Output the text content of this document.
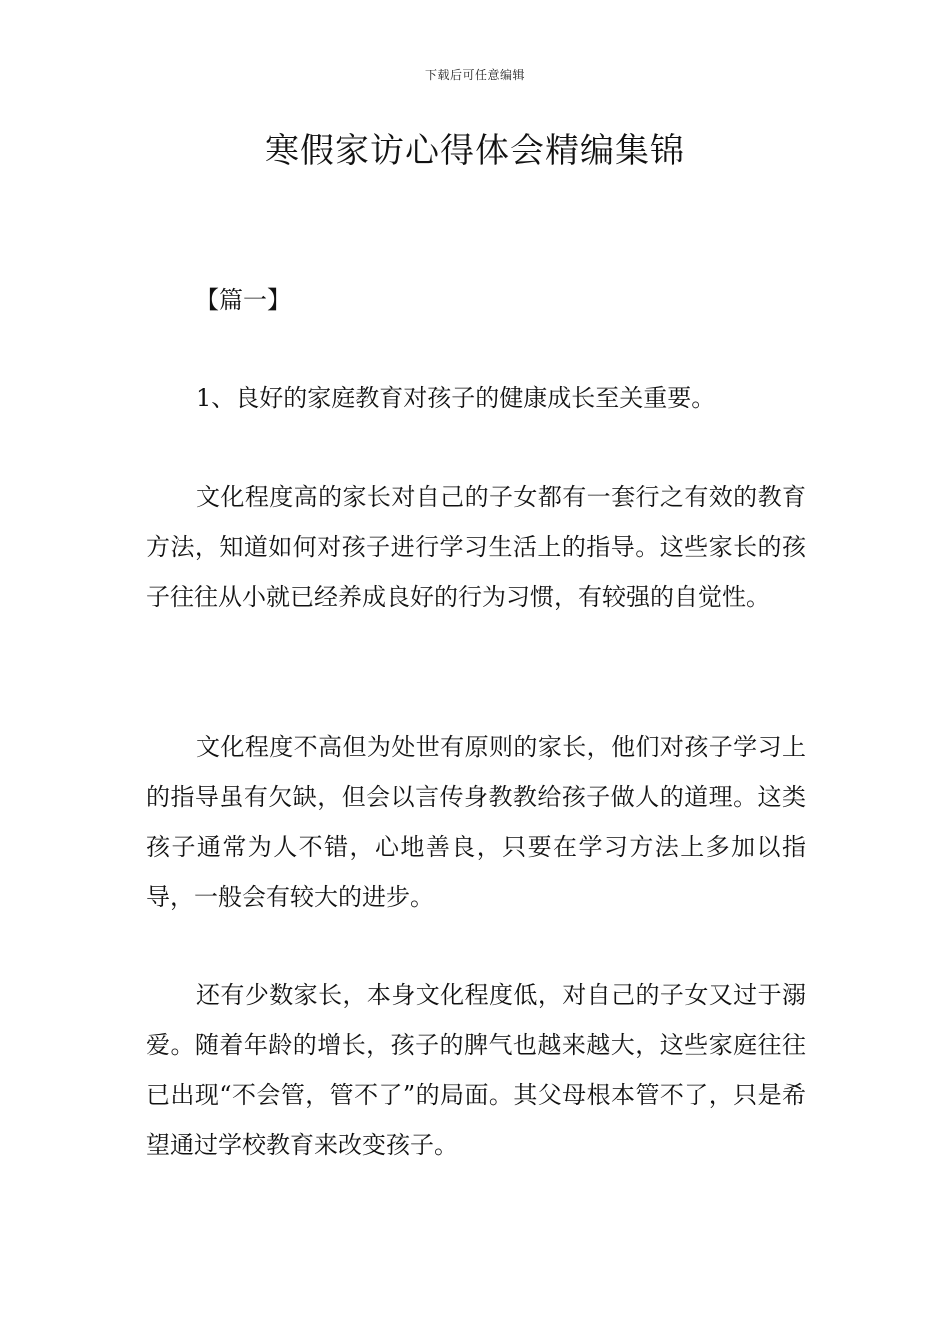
下载后可任意编辑
寒假家访心得体会精编集锦
【篇一】
1、良好的家庭教育对孩子的健康成长至关重要。

文化程度高的家长对自己的子女都有一套行之有效的教育方法，知道如何对孩子进行学习生活上的指导。这些家长的孩子往往从小就已经养成良好的行为习惯，有较强的自觉性。

文化程度不高但为处世有原则的家长，他们对孩子学习上的指导虽有欠缺，但会以言传身教教给孩子做人的道理。这类孩子通常为人不错，心地善良，只要在学习方法上多加以指导，一般会有较大的进步。

还有少数家长，本身文化程度低，对自己的子女又过于溺爱。随着年龄的增长，孩子的脾气也越来越大，这些家庭往往已出现“不会管，管不了”的局面。其父母根本管不了，只是希望通过学校教育来改变孩子。
